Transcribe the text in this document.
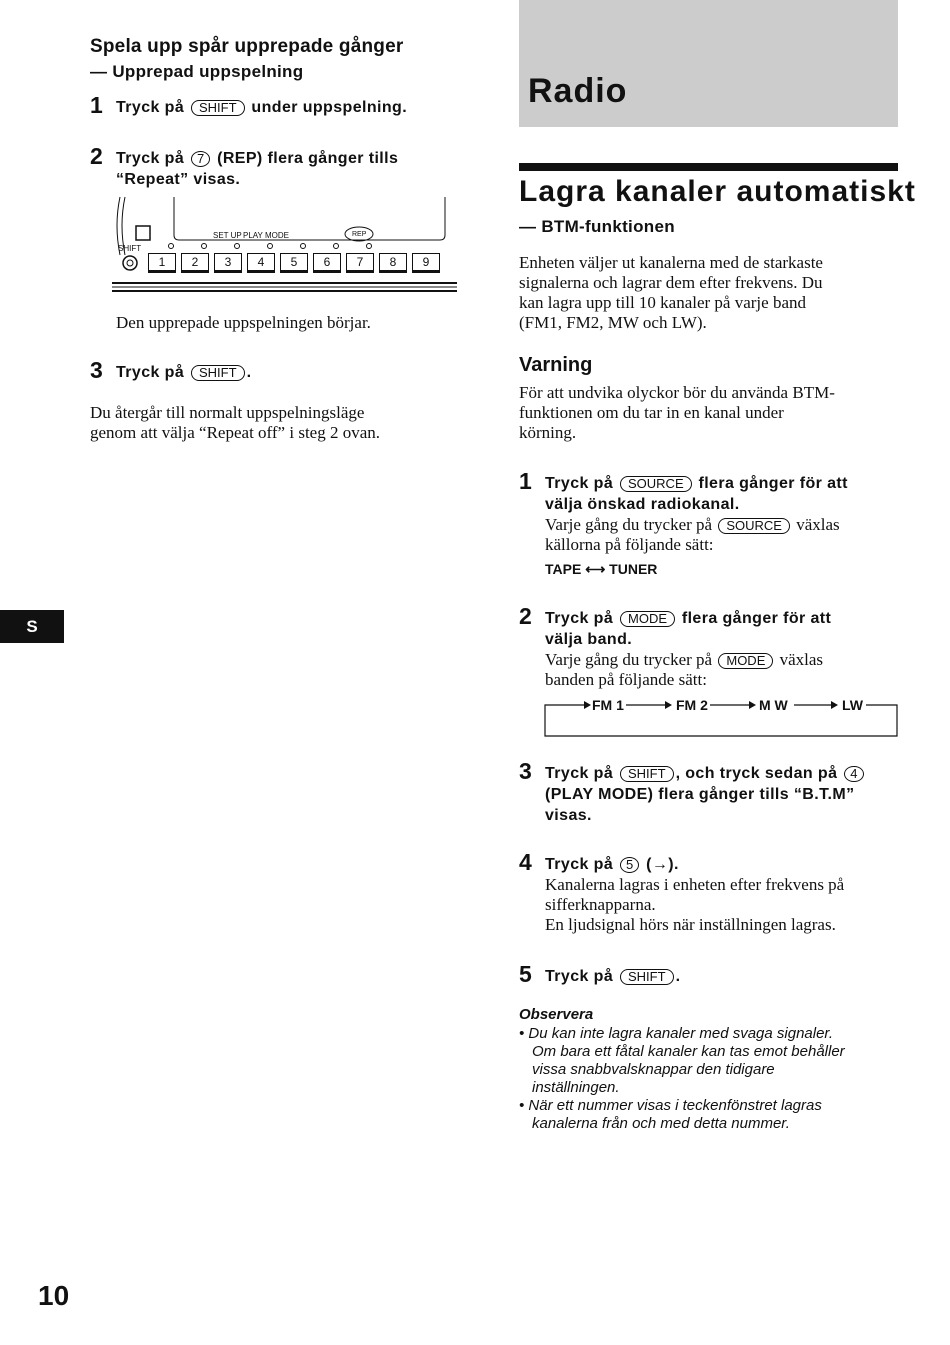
Spela upp spår upprepade gånger
— Upprepad uppspelning
1 Tryck på SHIFT under uppspelning.
2 Tryck på 7 (REP) flera gånger tills
“Repeat” visas.
SHIFT
SET UP PLAY MODE	REP
1	2	3	4	5	6	7	8	9
Den upprepade uppspelningen börjar.
3 Tryck på SHIFT .
Du återgår till normalt uppspelningsläge
genom att välja “Repeat off” i steg 2 ovan.
S
10
Radio
Lagra kanaler automatiskt
— BTM-funktionen
Enheten väljer ut kanalerna med de starkaste
signalerna och lagrar dem efter frekvens. Du
kan lagra upp till 10 kanaler på varje band
(FM1, FM2, MW och LW).
Varning
För att undvika olyckor bör du använda BTM-
funktionen om du tar in en kanal under
körning.
1 Tryck på SOURCE flera gånger för att
välja önskad radiokanal.
Varje gång du trycker på SOURCE växlas
källorna på följande sätt:
TAPE ⟷ TUNER
2 Tryck på MODE flera gånger för att
välja band.
Varje gång du trycker på MODE växlas
banden på följande sätt:
FM 1	FM 2	M W	LW
3 Tryck på SHIFT , och tryck sedan på 4
(PLAY MODE) flera gånger tills “B.T.M”
visas.
4 Tryck på 5 (→).
Kanalerna lagras i enheten efter frekvens på
sifferknapparna.
En ljudsignal hörs när inställningen lagras.
5 Tryck på SHIFT .
Observera
• Du kan inte lagra kanaler med svaga signaler.
Om bara ett fåtal kanaler kan tas emot behåller
vissa snabbvalsknappar den tidigare
inställningen.
• När ett nummer visas i teckenfönstret lagras
kanalerna från och med detta nummer.
